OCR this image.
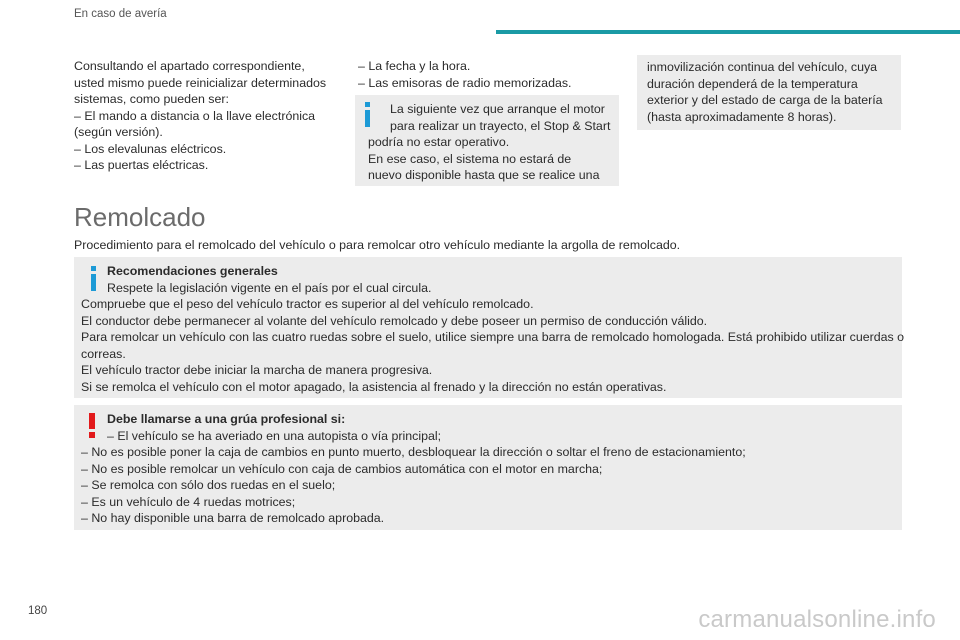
En caso de avería

Consultando el apartado correspondiente,

usted mismo puede reinicializar determinados

sistemas, como pueden ser:

– El mando a distancia o la llave electrónica

(según versión).

– Los elevalunas eléctricos.

– Las puertas eléctricas.

– La fecha y la hora.

– Las emisoras de radio memorizadas.

La siguiente vez que arranque el motor

para realizar un trayecto, el Stop & Start

podría no estar operativo.

En ese caso, el sistema no estará de

nuevo disponible hasta que se realice una

inmovilización continua del vehículo, cuya

duración dependerá de la temperatura

exterior y del estado de carga de la batería

(hasta aproximadamente 8 horas).

Remolcado
Procedimiento para el remolcado del vehículo o para remolcar otro vehículo mediante la argolla de remolcado.
Recomendaciones generales
Respete la legislación vigente en el país por el cual circula.
Compruebe que el peso del vehículo tractor es superior al del vehículo remolcado.
El conductor debe permanecer al volante del vehículo remolcado y debe poseer un permiso de conducción válido.
Para remolcar un vehículo con las cuatro ruedas sobre el suelo, utilice siempre una barra de remolcado homologada. Está prohibido utilizar cuerdas o
correas.
El vehículo tractor debe iniciar la marcha de manera progresiva.
Si se remolca el vehículo con el motor apagado, la asistencia al frenado y la dirección no están operativas.
Debe llamarse a una grúa profesional si:
– El vehículo se ha averiado en una autopista o vía principal;
– No es posible poner la caja de cambios en punto muerto, desbloquear la dirección o soltar el freno de estacionamiento;
– No es posible remolcar un vehículo con caja de cambios automática con el motor en marcha;
– Se remolca con sólo dos ruedas en el suelo;
– Es un vehículo de 4 ruedas motrices;
– No hay disponible una barra de remolcado aprobada.
180	carmanualsonline.info
